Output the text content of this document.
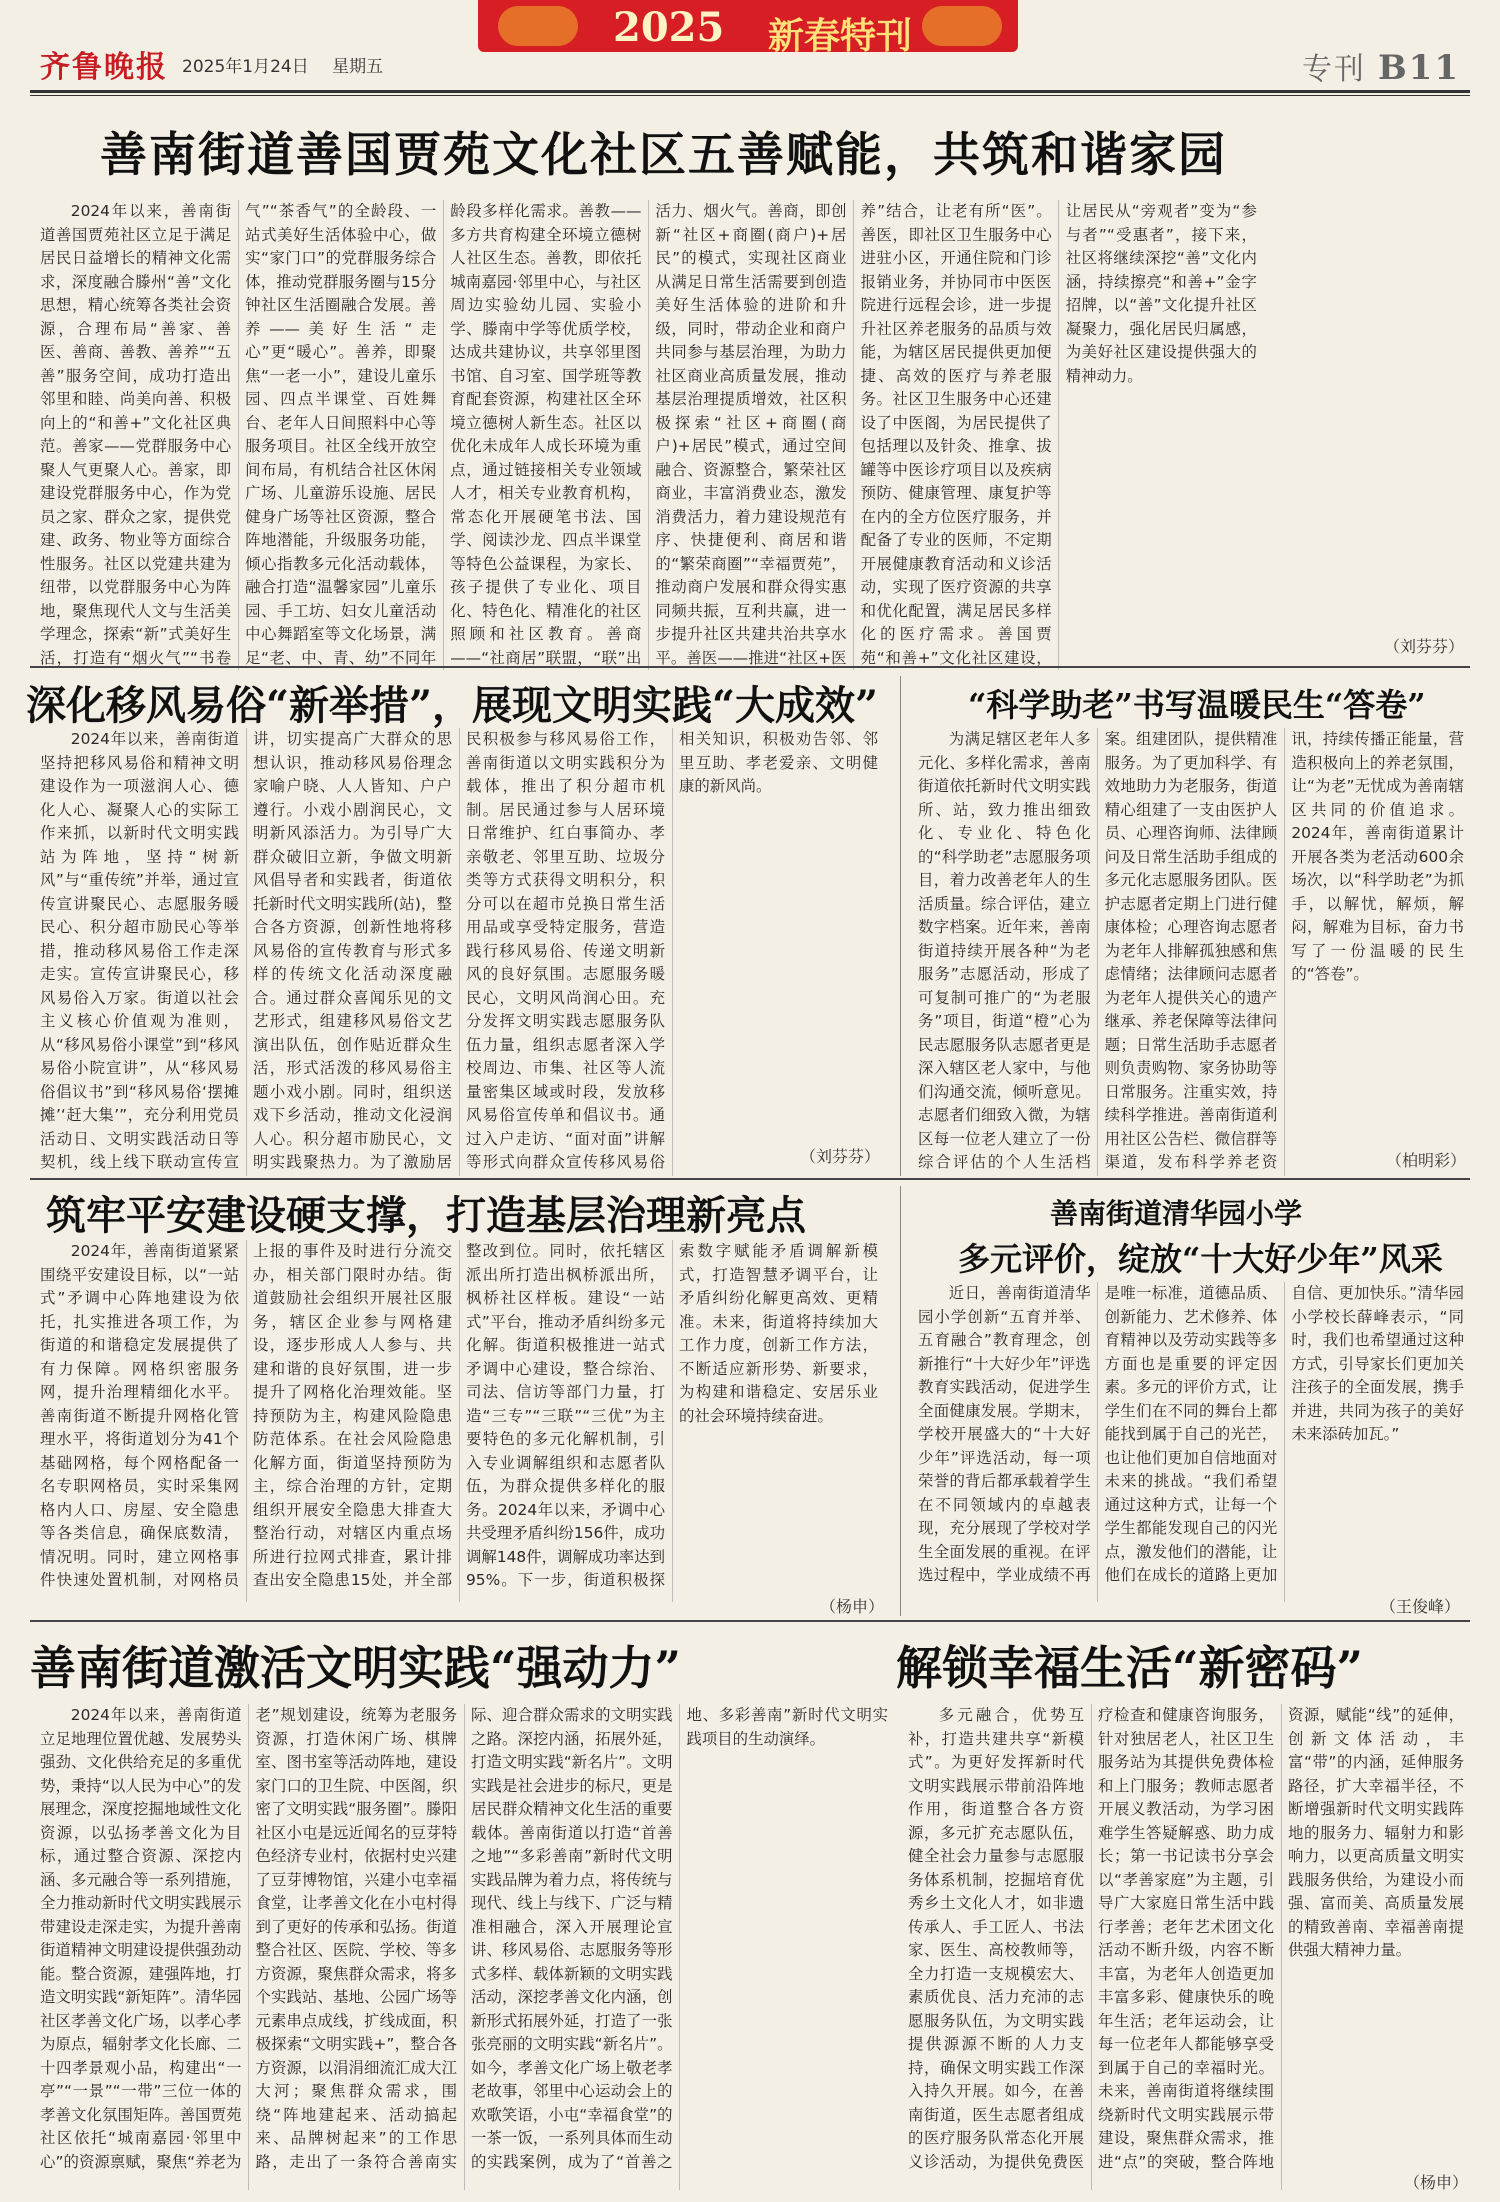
齐鲁晚报 2025年1月24日 星期五
2025 新春特刊
专刊 B11
善南街道善国贾苑文化社区五善赋能，共筑和谐家园

2024年以来，善南街道善国贾苑社区立足于满足居民日益增长的精神文化需求，深度融合滕州“善”文化思想，精心统筹各类社会资源，合理布局“善家、善医、善商、善教、善养”“五善”服务空间，成功打造出邻里和睦、尚美向善、积极向上的“和善+”文化社区典范。善家——党群服务中心聚人气更聚人心。善家，即建设党群服务中心，作为党员之家、群众之家，提供党建、政务、物业等方面综合性服务。社区以党建共建为纽带，以党群服务中心为阵地，聚焦现代人文与生活美学理念，探索“新”式美好生活，打造有“烟火气”“书卷气”“茶香气”的全龄段、一站式美好生活体验中心，做实“家门口”的党群服务综合体，推动党群服务圈与15分钟社区生活圈融合发展。善养——美好生活“走心”更“暖心”。善养，即聚焦“一老一小”，建设儿童乐园、四点半课堂、百姓舞台、老年人日间照料中心等服务项目。社区全线开放空间布局，有机结合社区休闲广场、儿童游乐设施、居民健身广场等社区资源，整合阵地潜能，升级服务功能，倾心指教多元化活动载体，融合打造“温馨家园”儿童乐园、手工坊、妇女儿童活动中心舞蹈室等文化场景，满足“老、中、青、幼”不同年龄段多样化需求。善教——多方共育构建全环境立德树人社区生态。善教，即依托城南嘉园·邻里中心，与社区周边实验幼儿园、实验小学、滕南中学等优质学校，达成共建协议，共享邻里图书馆、自习室、国学班等教育配套资源，构建社区全环境立德树人新生态。社区以优化未成年人成长环境为重点，通过链接相关专业领域人才，相关专业教育机构，常态化开展硬笔书法、国学、阅读沙龙、四点半课堂等特色公益课程，为家长、孩子提供了专业化、项目化、特色化、精准化的社区照顾和社区教育。善商——“社商居”联盟，“联”出活力、烟火气。善商，即创新“社区+商圈(商户)+居民”的模式，实现社区商业从满足日常生活需要到创造美好生活体验的进阶和升级，同时，带动企业和商户共同参与基层治理，为助力社区商业高质量发展，推动基层治理提质增效，社区积极探索“社区+商圈(商户)+居民”模式，通过空间融合、资源整合，繁荣社区商业，丰富消费业态，激发消费活力，着力建设规范有序、快捷便利、商居和谐的“繁荣商圈”“幸福贾苑”，推动商户发展和群众得实惠同频共振，互利共赢，进一步提升社区共建共治共享水平。善医——推进“社区+医养”结合，让老有所“医”。善医，即社区卫生服务中心进驻小区，开通住院和门诊报销业务，并协同市中医医院进行远程会诊，进一步提升社区养老服务的品质与效能，为辖区居民提供更加便捷、高效的医疗与养老服务。社区卫生服务中心还建设了中医阁，为居民提供了包括理以及针灸、推拿、拔罐等中医诊疗项目以及疾病预防、健康管理、康复护等在内的全方位医疗服务，并配备了专业的医师，不定期开展健康教育活动和义诊活动，实现了医疗资源的共享和优化配置，满足居民多样化的医疗需求。善国贾苑“和善+”文化社区建设，让居民从“旁观者”变为“参与者”“受惠者”，接下来，社区将继续深挖“善”文化内涵，持续擦亮“和善+”金字招牌，以“善”文化提升社区凝聚力，强化居民归属感，为美好社区建设提供强大的精神动力。

（刘芬芬）
深化移风易俗“新举措”，展现文明实践“大成效”

2024年以来，善南街道坚持把移风易俗和精神文明建设作为一项滋润人心、德化人心、凝聚人心的实际工作来抓，以新时代文明实践站为阵地，坚持“树新风”与“重传统”并举，通过宣传宣讲聚民心、志愿服务暖民心、积分超市励民心等举措，推动移风易俗工作走深走实。宣传宣讲聚民心，移风易俗入万家。街道以社会主义核心价值观为准则，从“移风易俗小课堂”到“移风易俗小院宣讲”，从“移风易俗倡议书”到“移风易俗‘摆摊摊’‘赶大集’”，充分利用党员活动日、文明实践活动日等契机，线上线下联动宣传宣讲，切实提高广大群众的思想认识，推动移风易俗理念家喻户晓、人人皆知、户户遵行。小戏小剧润民心，文明新风添活力。为引导广大群众破旧立新，争做文明新风倡导者和实践者，街道依托新时代文明实践所(站)，整合各方资源，创新性地将移风易俗的宣传教育与形式多样的传统文化活动深度融合。通过群众喜闻乐见的文艺形式，组建移风易俗文艺演出队伍，创作贴近群众生活，形式活泼的移风易俗主题小戏小剧。同时，组织送戏下乡活动，推动文化浸润人心。积分超市励民心，文明实践聚热力。为了激励居民积极参与移风易俗工作，善南街道以文明实践积分为载体，推出了积分超市机制。居民通过参与人居环境日常维护、红白事简办、孝亲敬老、邻里互助、垃圾分类等方式获得文明积分，积分可以在超市兑换日常生活用品或享受特定服务，营造践行移风易俗、传递文明新风的良好氛围。志愿服务暖民心，文明风尚润心田。充分发挥文明实践志愿服务队伍力量，组织志愿者深入学校周边、市集、社区等人流量密集区域或时段，发放移风易俗宣传单和倡议书。通过入户走访、“面对面”讲解等形式向群众宣传移风易俗相关知识，积极劝告邻、邻里互助、孝老爱亲、文明健康的新风尚。

（刘芬芬）
“科学助老”书写温暖民生“答卷”

为满足辖区老年人多元化、多样化需求，善南街道依托新时代文明实践所、站，致力推出细致化、专业化、特色化的“科学助老”志愿服务项目，着力改善老年人的生活质量。综合评估，建立数字档案。近年来，善南街道持续开展各种“为老服务”志愿活动，形成了可复制可推广的“为老服务”项目，街道“橙”心为民志愿服务队志愿者更是深入辖区老人家中，与他们沟通交流，倾听意见。志愿者们细致入微，为辖区每一位老人建立了一份综合评估的个人生活档案。组建团队，提供精准服务。为了更加科学、有效地助力为老服务，街道精心组建了一支由医护人员、心理咨询师、法律顾问及日常生活助手组成的多元化志愿服务团队。医护志愿者定期上门进行健康体检；心理咨询志愿者为老年人排解孤独感和焦虑情绪；法律顾问志愿者为老年人提供关心的遗产继承、养老保障等法律问题；日常生活助手志愿者则负责购物、家务协助等日常服务。注重实效，持续科学推进。善南街道利用社区公告栏、微信群等渠道，发布科学养老资讯，持续传播正能量，营造积极向上的养老氛围，让“为老”无忧成为善南辖区共同的价值追求。2024年，善南街道累计开展各类为老活动600余场次，以“科学助老”为抓手，以解忧，解烦，解闷，解难为目标，奋力书写了一份温暖的民生的“答卷”。

（柏明彩）
筑牢平安建设硬支撑，打造基层治理新亮点

2024年，善南街道紧紧围绕平安建设目标，以“一站式”矛调中心阵地建设为依托，扎实推进各项工作，为街道的和谐稳定发展提供了有力保障。网格织密服务网，提升治理精细化水平。善南街道不断提升网格化管理水平，将街道划分为41个基础网格，每个网格配备一名专职网格员，实时采集网格内人口、房屋、安全隐患等各类信息，确保底数清，情况明。同时，建立网格事件快速处置机制，对网格员上报的事件及时进行分流交办，相关部门限时办结。街道鼓励社会组织开展社区服务，辖区企业参与网格建设，逐步形成人人参与、共建和谐的良好氛围，进一步提升了网格化治理效能。坚持预防为主，构建风险隐患防范体系。在社会风险隐患化解方面，街道坚持预防为主，综合治理的方针，定期组织开展安全隐患大排查大整治行动，对辖区内重点场所进行拉网式排查，累计排查出安全隐患15处，并全部整改到位。同时，依托辖区派出所打造出枫桥派出所，枫桥社区样板。建设“一站式”平台，推动矛盾纠纷多元化解。街道积极推进一站式矛调中心建设，整合综治、司法、信访等部门力量，打造“三专”“三联”“三优”为主要特色的多元化解机制，引入专业调解组织和志愿者队伍，为群众提供多样化的服务。2024年以来，矛调中心共受理矛盾纠纷156件，成功调解148件，调解成功率达到95%。下一步，街道积极探索数字赋能矛盾调解新模式，打造智慧矛调平台，让矛盾纠纷化解更高效、更精准。未来，街道将持续加大工作力度，创新工作方法，不断适应新形势、新要求，为构建和谐稳定、安居乐业的社会环境持续奋进。

（杨申）
善南街道清华园小学
多元评价，绽放“十大好少年”风采

近日，善南街道清华园小学创新“五育并举、五育融合”教育理念，创新推行“十大好少年”评选教育实践活动，促进学生全面健康发展。学期末，学校开展盛大的“十大好少年”评选活动，每一项荣誉的背后都承载着学生在不同领域内的卓越表现，充分展现了学校对学生全面发展的重视。在评选过程中，学业成绩不再是唯一标准，道德品质、创新能力、艺术修养、体育精神以及劳动实践等多方面也是重要的评定因素。多元的评价方式，让学生们在不同的舞台上都能找到属于自己的光芒，也让他们更加自信地面对未来的挑战。“我们希望通过这种方式，让每一个学生都能发现自己的闪光点，激发他们的潜能，让他们在成长的道路上更加自信、更加快乐。”清华园小学校长薛峰表示，“同时，我们也希望通过这种方式，引导家长们更加关注孩子的全面发展，携手并进，共同为孩子的美好未来添砖加瓦。”

（王俊峰）
善南街道激活文明实践“强动力”

2024年以来，善南街道立足地理位置优越、发展势头强劲、文化供给充足的多重优势，秉持“以人民为中心”的发展理念，深度挖掘地域性文化资源，以弘扬孝善文化为目标，通过整合资源、深挖内涵、多元融合等一系列措施，全力推动新时代文明实践展示带建设走深走实，为提升善南街道精神文明建设提供强劲动能。整合资源，建强阵地，打造文明实践“新矩阵”。清华园社区孝善文化广场，以孝心孝为原点，辐射孝文化长廊、二十四孝景观小品，构建出“一亭”“一景”“一带”三位一体的孝善文化氛围矩阵。善国贾苑社区依托“城南嘉园·邻里中心”的资源禀赋，聚焦“养老为老”规划建设，统筹为老服务资源，打造休闲广场、棋牌室、图书室等活动阵地，建设家门口的卫生院、中医阁，织密了文明实践“服务圈”。滕阳社区小屯是远近闻名的豆芽特色经济专业村，依据村史兴建了豆芽博物馆，兴建小屯幸福食堂，让孝善文化在小屯村得到了更好的传承和弘扬。街道整合社区、医院、学校、等多方资源，聚焦群众需求，将多个实践站、基地、公园广场等元素串点成线，扩线成面，积极探索“文明实践+”，整合各方资源，以涓涓细流汇成大江大河；聚焦群众需求，围绕“阵地建起来、活动搞起来、品牌树起来”的工作思路，走出了一条符合善南实际、迎合群众需求的文明实践之路。深挖内涵，拓展外延，打造文明实践“新名片”。文明实践是社会进步的标尺，更是居民群众精神文化生活的重要载体。善南街道以打造“首善之地”“多彩善南”新时代文明实践品牌为着力点，将传统与现代、线上与线下、广泛与精准相融合，深入开展理论宣讲、移风易俗、志愿服务等形式多样、载体新颖的文明实践活动，深挖孝善文化内涵，创新形式拓展外延，打造了一张张亮丽的文明实践“新名片”。如今，孝善文化广场上敬老孝老故事，邻里中心运动会上的欢歌笑语，小屯“幸福食堂”的一茶一饭，一系列具体而生动的实践案例，成为了“首善之地、多彩善南”新时代文明实践项目的生动演绎。

解锁幸福生活“新密码”

多元融合，优势互补，打造共建共享“新模式”。为更好发挥新时代文明实践展示带前沿阵地作用，街道整合各方资源，多元扩充志愿队伍，健全社会力量参与志愿服务体系机制，挖掘培育优秀乡土文化人才，如非遗传承人、手工匠人、书法家、医生、高校教师等，全力打造一支规模宏大、素质优良、活力充沛的志愿服务队伍，为文明实践提供源源不断的人力支持，确保文明实践工作深入持久开展。如今，在善南街道，医生志愿者组成的医疗服务队常态化开展义诊活动，为提供免费医疗检查和健康咨询服务，针对独居老人，社区卫生服务站为其提供免费体检和上门服务；教师志愿者开展义教活动，为学习困难学生答疑解惑、助力成长；第一书记读书分享会以“孝善家庭”为主题，引导广大家庭日常生活中践行孝善；老年艺术团文化活动不断升级，内容不断丰富，为老年人创造更加丰富多彩、健康快乐的晚年生活；老年运动会，让每一位老年人都能够享受到属于自己的幸福时光。未来，善南街道将继续围绕新时代文明实践展示带建设，聚焦群众需求，推进“点”的突破，整合阵地资源，赋能“线”的延伸，创新文体活动，丰富“带”的内涵，延伸服务路径，扩大幸福半径，不断增强新时代文明实践阵地的服务力、辐射力和影响力，以更高质量文明实践服务供给，为建设小而强、富而美、高质量发展的精致善南、幸福善南提供强大精神力量。

（杨申）
